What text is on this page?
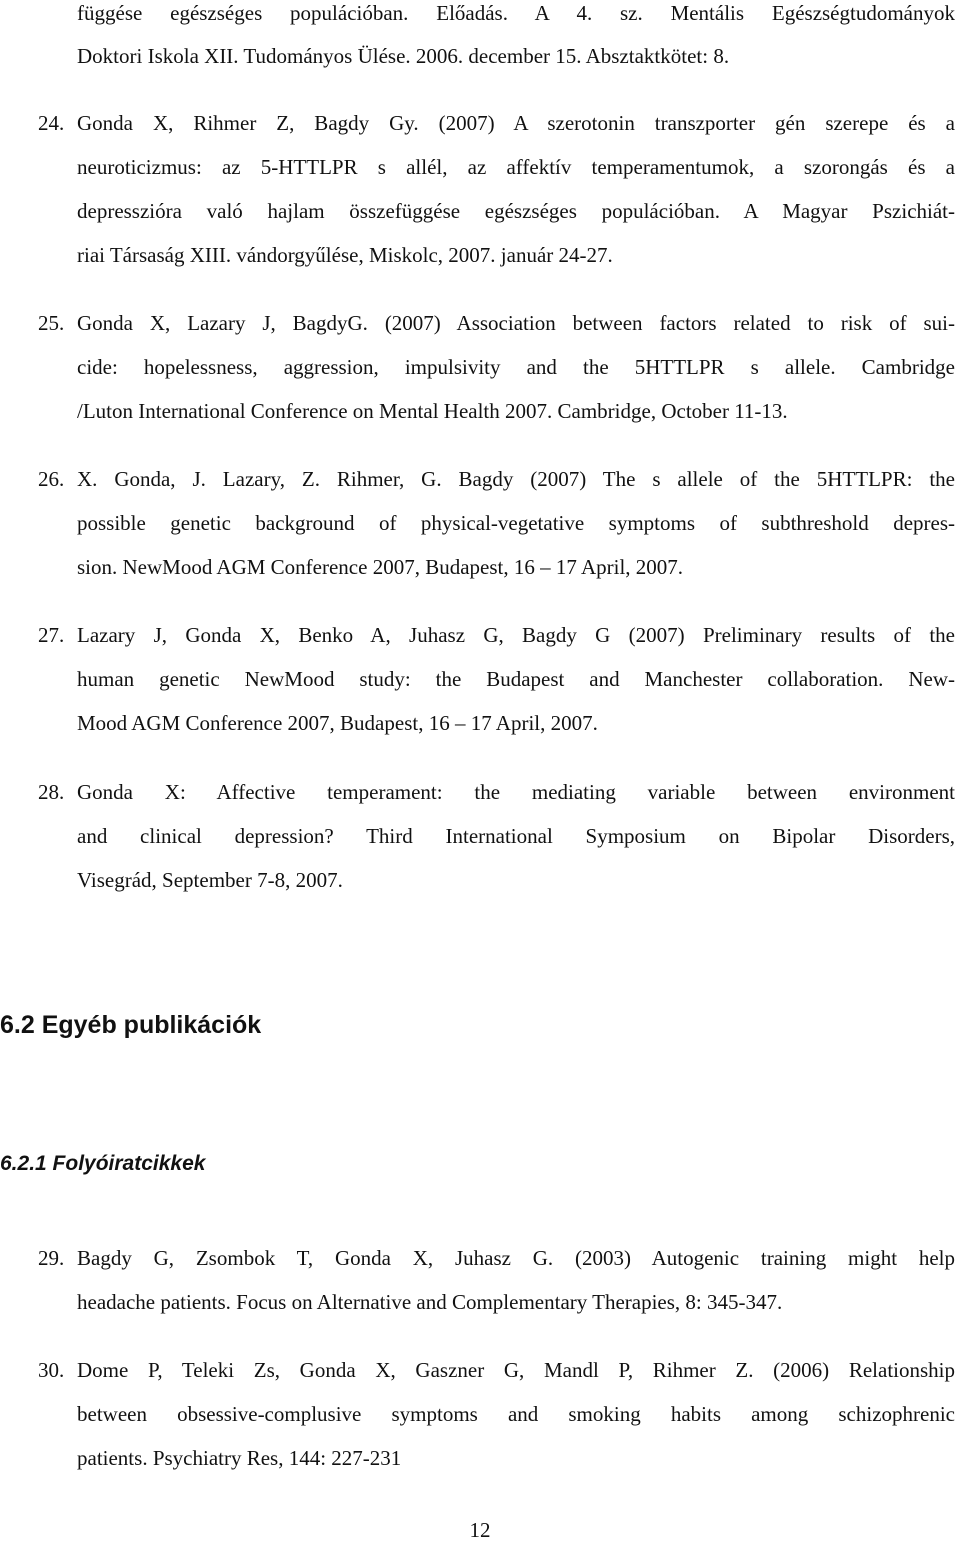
függése egészséges populációban. Előadás. A 4. sz. Mentális Egészségtudományok
Doktori Iskola XII. Tudományos Ülése. 2006. december 15. Absztaktkötet: 8.
24. Gonda X, Rihmer Z, Bagdy Gy. (2007) A szerotonin transzporter gén szerepe és a
neuroticizmus: az 5-HTTLPR s allél, az affektív temperamentumok, a szorongás és a
depresszióra való hajlam összefüggése egészséges populációban. A Magyar Pszichiát-
riai Társaság XIII. vándorgyűlése, Miskolc, 2007. január 24-27.
25. Gonda X, Lazary J, BagdyG. (2007) Association between factors related to risk of sui-
cide: hopelessness, aggression, impulsivity and the 5HTTLPR s allele. Cambridge
/Luton International Conference on Mental Health 2007. Cambridge, October 11-13.
26. X. Gonda, J. Lazary, Z. Rihmer, G. Bagdy (2007) The s allele of the 5HTTLPR: the
possible genetic background of physical-vegetative symptoms of subthreshold depres-
sion. NewMood AGM Conference 2007, Budapest, 16 – 17 April, 2007.
27. Lazary J, Gonda X, Benko A, Juhasz G, Bagdy G (2007) Preliminary results of the
human genetic NewMood study: the Budapest and Manchester collaboration. New-
Mood AGM Conference 2007, Budapest, 16 – 17 April, 2007.
28. Gonda X: Affective temperament: the mediating variable between environment
and clinical depression? Third International Symposium on Bipolar Disorders,
Visegrád, September 7-8, 2007.
6.2 Egyéb publikációk
6.2.1 Folyóiratcikkek
29. Bagdy G, Zsombok T, Gonda X, Juhasz G. (2003) Autogenic training might help
headache patients. Focus on Alternative and Complementary Therapies, 8: 345-347.
30. Dome P, Teleki Zs, Gonda X, Gaszner G, Mandl P, Rihmer Z. (2006) Relationship
between obsessive-complusive symptoms and smoking habits among schizophrenic
patients. Psychiatry Res, 144: 227-231
12
